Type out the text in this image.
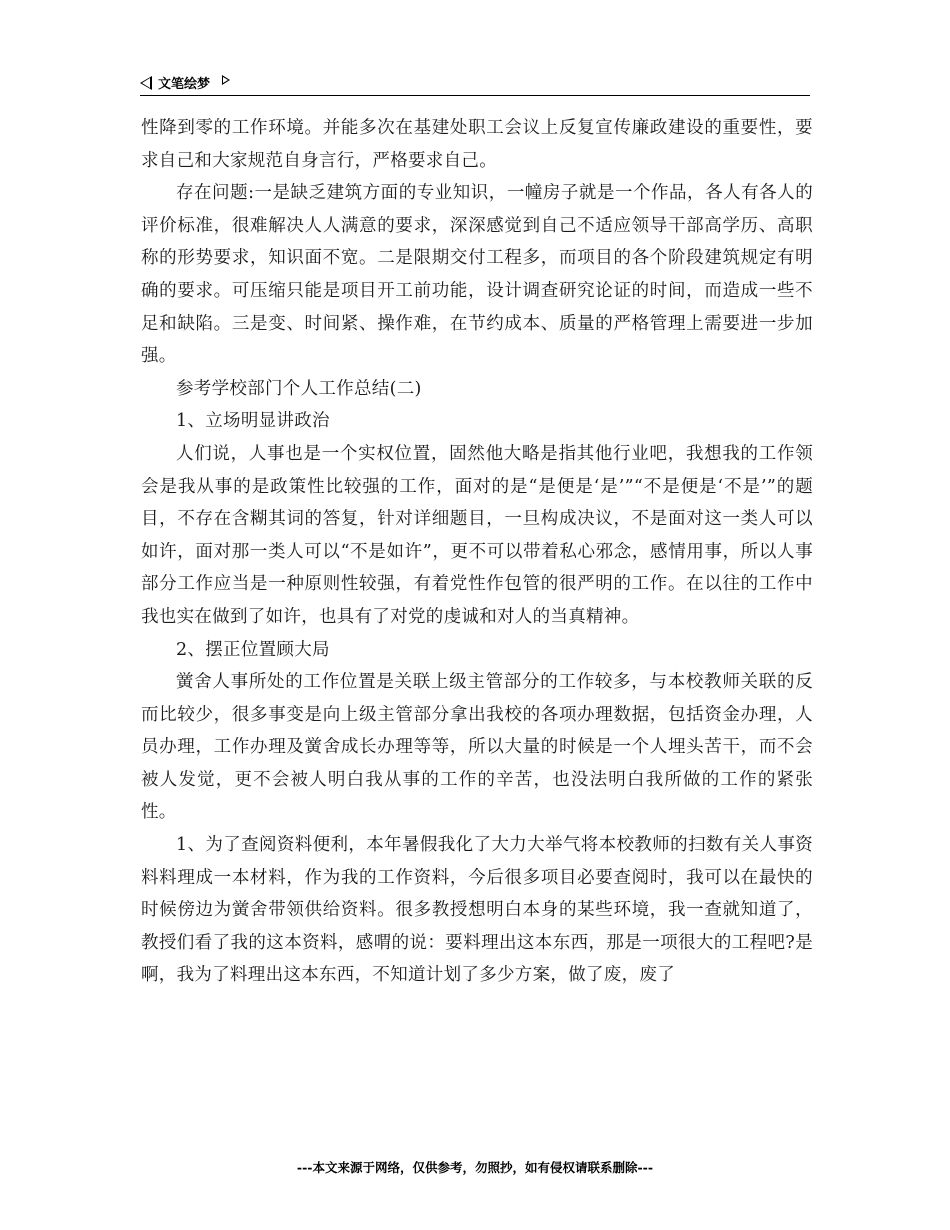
文笔绘梦

性降到零的工作环境。并能多次在基建处职工会议上反复宣传廉政建设的重要性，要求自己和大家规范自身言行，严格要求自己。

存在问题:一是缺乏建筑方面的专业知识，一幢房子就是一个作品，各人有各人的评价标准，很难解决人人满意的要求，深深感觉到自己不适应领导干部高学历、高职称的形势要求，知识面不宽。二是限期交付工程多，而项目的各个阶段建筑规定有明确的要求。可压缩只能是项目开工前功能，设计调查研究论证的时间，而造成一些不足和缺陷。三是变、时间紧、操作难，在节约成本、质量的严格管理上需要进一步加强。

参考学校部门个人工作总结(二)

1、立场明显讲政治

人们说，人事也是一个实权位置，固然他大略是指其他行业吧，我想我的工作领会是我从事的是政策性比较强的工作，面对的是“是便是‘是’”“不是便是‘不是’”的题目，不存在含糊其词的答复，针对详细题目，一旦构成决议，不是面对这一类人可以如许，面对那一类人可以“不是如许”，更不可以带着私心邪念，感情用事，所以人事部分工作应当是一种原则性较强，有着党性作包管的很严明的工作。在以往的工作中我也实在做到了如许，也具有了对党的虔诚和对人的当真精神。

2、摆正位置顾大局

黉舍人事所处的工作位置是关联上级主管部分的工作较多，与本校教师关联的反而比较少，很多事变是向上级主管部分拿出我校的各项办理数据，包括资金办理，人员办理，工作办理及黉舍成长办理等等，所以大量的时候是一个人埋头苦干，而不会被人发觉，更不会被人明白我从事的工作的辛苦，也没法明白我所做的工作的紧张性。

1、为了查阅资料便利，本年暑假我化了大力大举气将本校教师的扫数有关人事资料料理成一本材料，作为我的工作资料，今后很多项目必要查阅时，我可以在最快的时候傍边为黉舍带领供给资料。很多教授想明白本身的某些环境，我一查就知道了，教授们看了我的这本资料，感喟的说：要料理出这本东西，那是一项很大的工程吧?是啊，我为了料理出这本东西，不知道计划了多少方案，做了废，废了

---本文来源于网络，仅供参考，勿照抄，如有侵权请联系删除---
